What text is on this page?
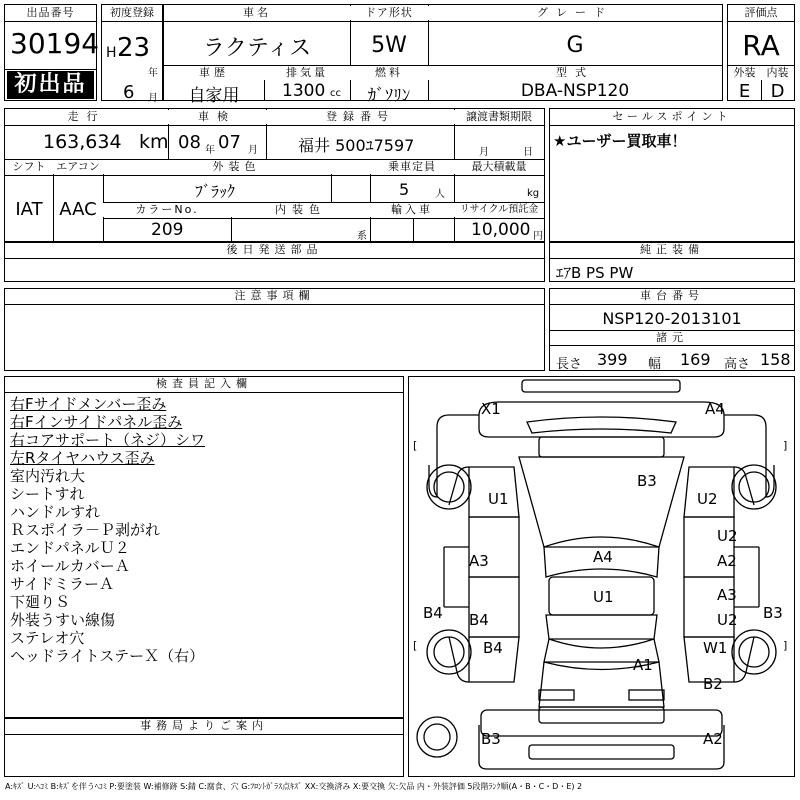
出品番号
30194
初出品
初度登録
H 23
年
6 月
車名
ラクティス
ドア形状
5W
グレード
G
車歴
自家用
排気量
1300 cc
燃料
ｶﾞｿﾘﾝ
型式
DBA-NSP120
評価点
RA
外装	内装
E	D
走行
163,634 km
車検
08 年 07 月
登録番号
福井 500ﾕ7597
譲渡書類期限
月	日
シフト エアコン
IAT AAC
外装色
ﾌﾞﾗｯｸ
乗車定員
5	人
最大積載量
kg
カラーNo.
209
内装色
系
輸入車	リサイクル預託金
10,000 円
セールスポイント
★ユーザー買取車！
後日発送部品	純正装備
ｴｱB PS PW
注意事項欄	車台番号
NSP120-2013101
諸元
長さ 399 幅 169 高さ 158
検査員記入欄
右Fサイドメンバー歪み
右Fインサイドパネル歪み
右コアサポート（ネジ）シワ
左Rタイヤハウス歪み
室内汚れ大
シートすれ
ハンドルすれ
Ｒスポイラ－Ｐ剥がれ
エンドパネルＵ２
ホイールカバーＡ
サイドミラーＡ
下廻りＳ
外装うすい線傷
ステレオ穴
ヘッドライトステーＸ（右）
事務局よりご案内
[
[
]
]
X1	A4
B3
U1	U2
U2
A3	A2
A4
U1	A3
B4 B4	U2 B3
B4	W1
A1
B2
B3	A2
A:ｷｽﾞ U:ﾍｺﾐ B:ｷｽﾞを伴うﾍｺﾐ P:要塗装 W:補修跡 S:錆 C:腐食、穴 G:ﾌﾛﾝﾄｶﾞﾗｽ点ｷｽﾞ XX:交換済み X:要交換 欠:欠品 内・外装評価 5段階ﾗﾝｸ順(A・B・C・D・E) 2
